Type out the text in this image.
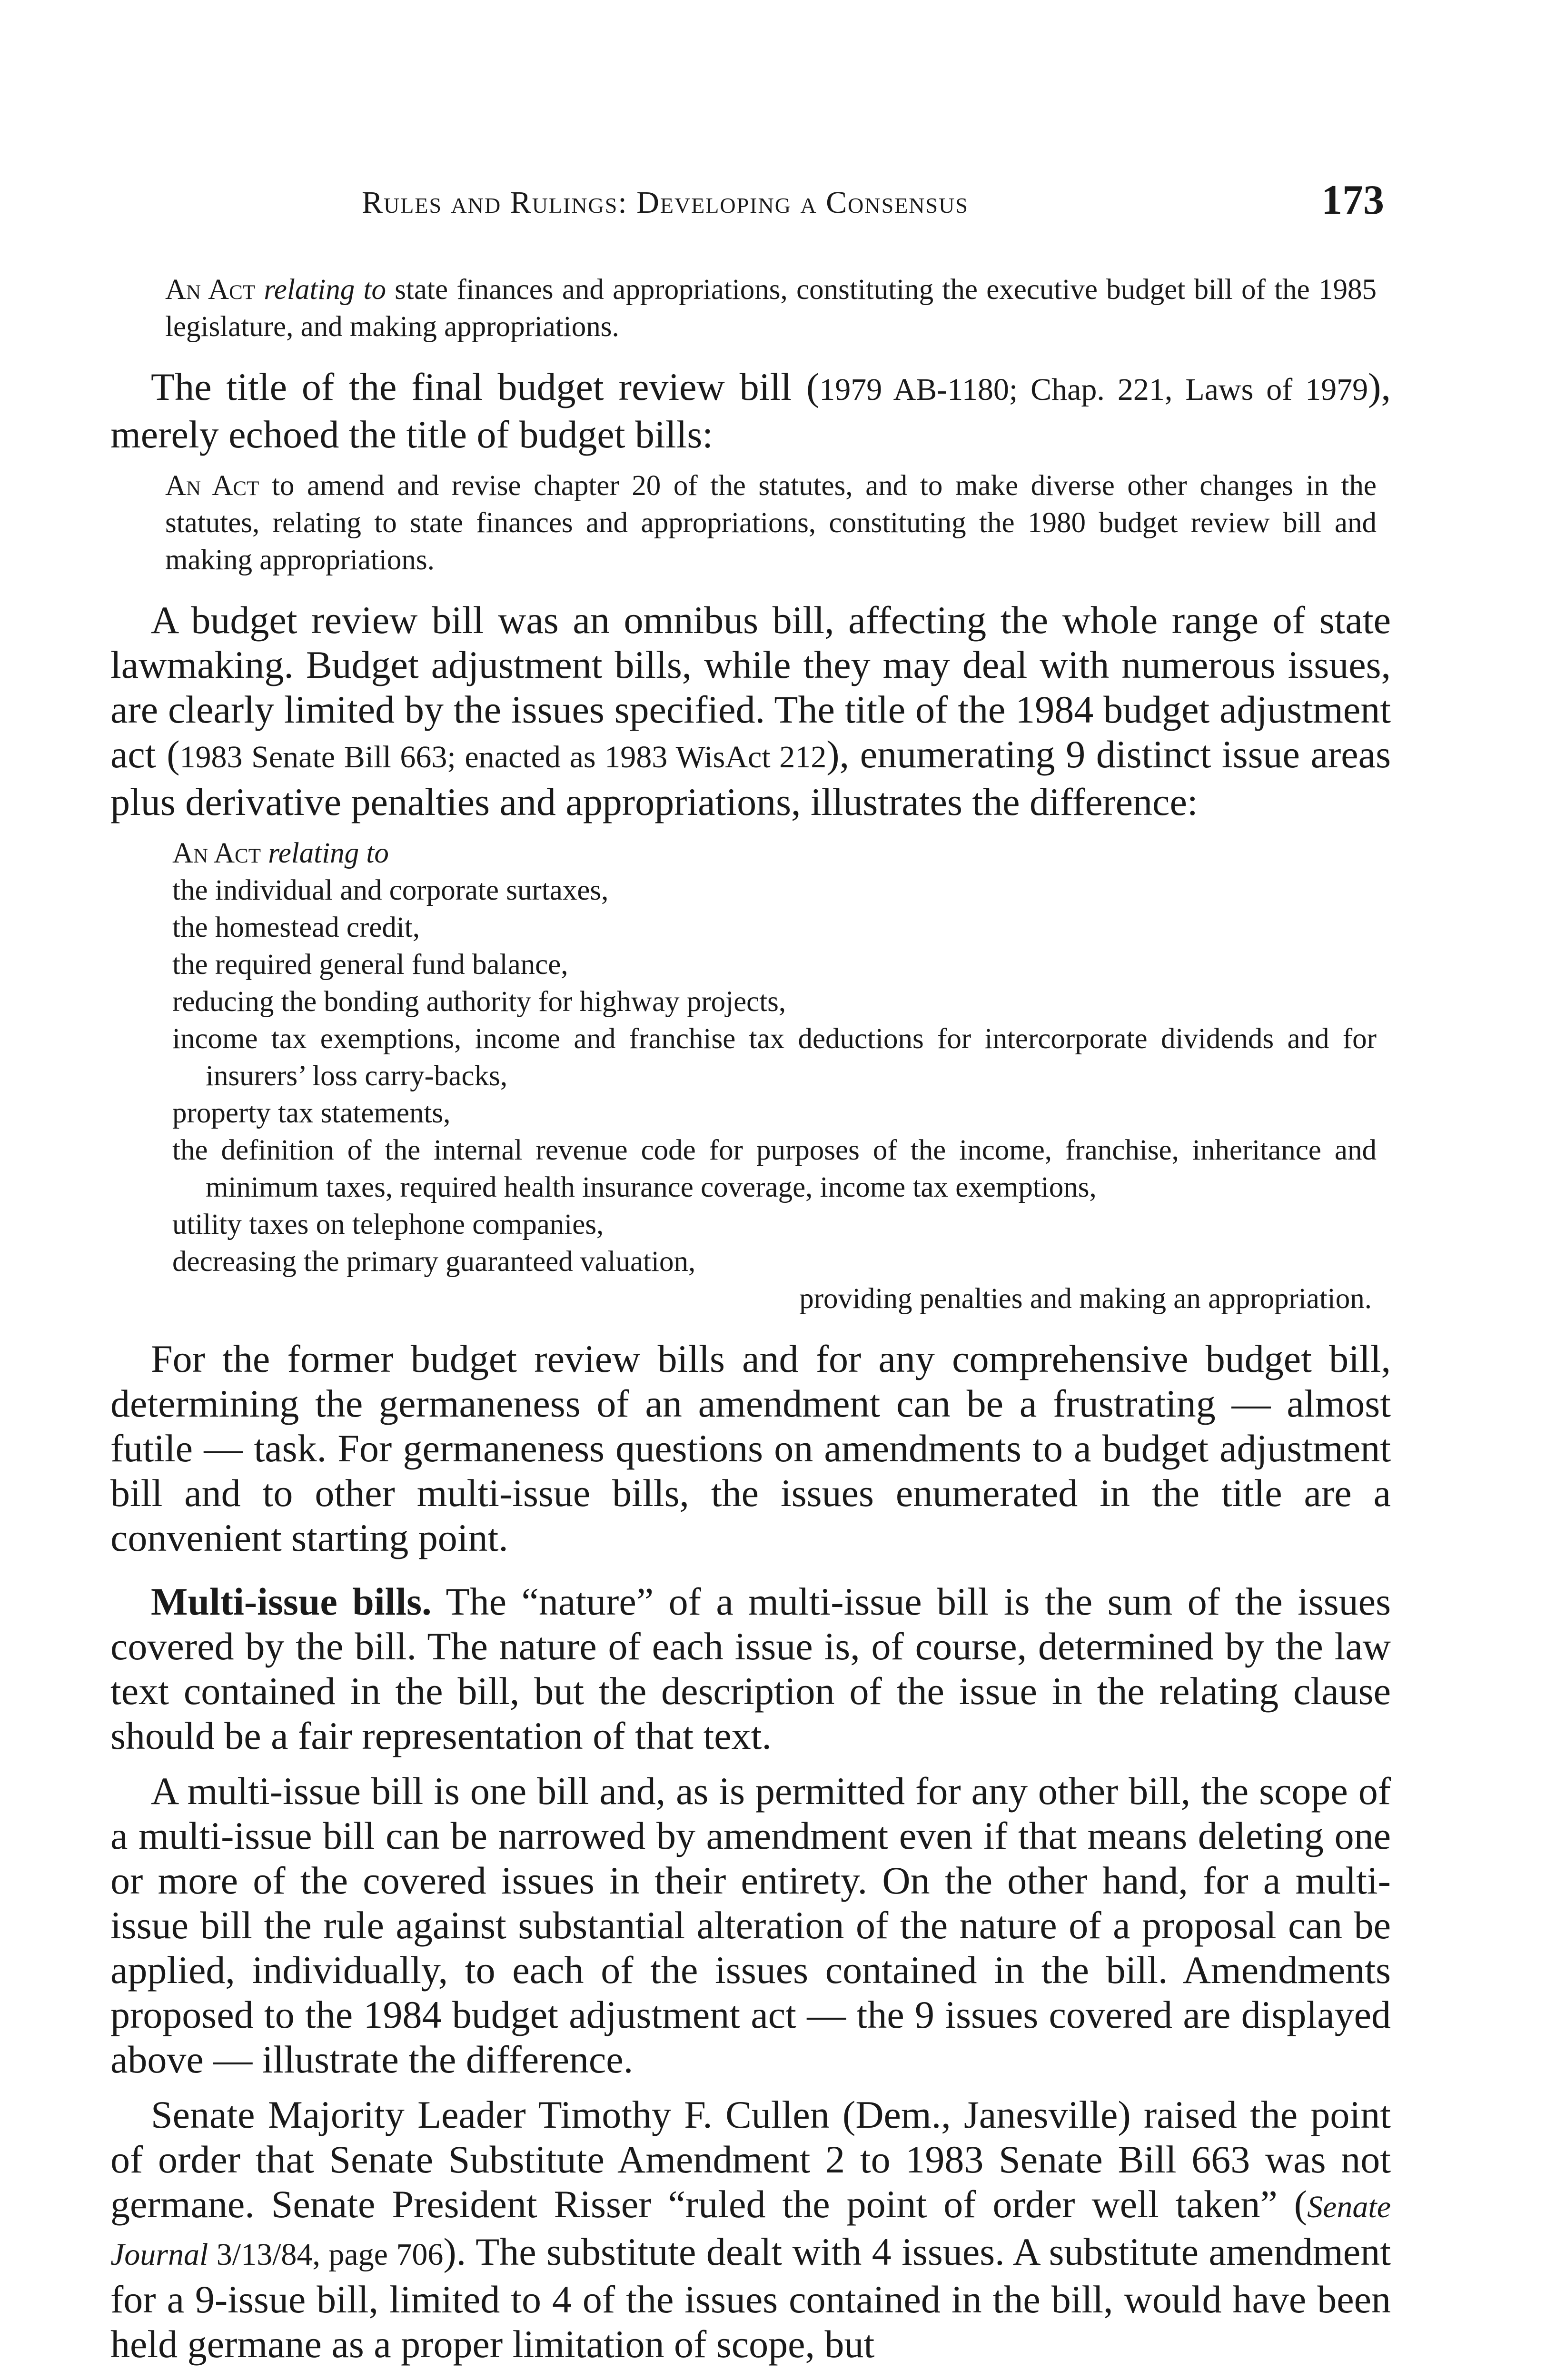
Rules and Rulings: Developing a Consensus	173

An Act relating to state finances and appropriations, constituting the executive budget bill of the 1985 legislature, and making appropriations.

The title of the final budget review bill (1979 AB-1180; Chap. 221, Laws of 1979), merely echoed the title of budget bills:

An Act to amend and revise chapter 20 of the statutes, and to make diverse other changes in the statutes, relating to state finances and appropriations, constituting the 1980 budget review bill and making appropriations.

A budget review bill was an omnibus bill, affecting the whole range of state lawmaking. Budget adjustment bills, while they may deal with numerous issues, are clearly limited by the issues specified. The title of the 1984 budget adjustment act (1983 Senate Bill 663; enacted as 1983 WisAct 212), enumerating 9 distinct issue areas plus derivative penalties and appropriations, illustrates the difference:

An Act relating to
the individual and corporate surtaxes,
the homestead credit,
the required general fund balance,
reducing the bonding authority for highway projects,
income tax exemptions, income and franchise tax deductions for intercorporate dividends and for insurers’ loss carry-backs,
property tax statements,
the definition of the internal revenue code for purposes of the income, franchise, inheritance and minimum taxes, required health insurance coverage, income tax exemptions,
utility taxes on telephone companies,
decreasing the primary guaranteed valuation,
providing penalties and making an appropriation.

For the former budget review bills and for any comprehensive budget bill, determining the germaneness of an amendment can be a frustrating — almost futile — task. For germaneness questions on amendments to a budget adjustment bill and to other multi-issue bills, the issues enumerated in the title are a convenient starting point.

Multi-issue bills. The “nature” of a multi-issue bill is the sum of the issues covered by the bill. The nature of each issue is, of course, determined by the law text contained in the bill, but the description of the issue in the relating clause should be a fair representation of that text.

A multi-issue bill is one bill and, as is permitted for any other bill, the scope of a multi-issue bill can be narrowed by amendment even if that means deleting one or more of the covered issues in their entirety. On the other hand, for a multi-issue bill the rule against substantial alteration of the nature of a proposal can be applied, individually, to each of the issues contained in the bill. Amendments proposed to the 1984 budget adjustment act — the 9 issues covered are displayed above — illustrate the difference.

Senate Majority Leader Timothy F. Cullen (Dem., Janesville) raised the point of order that Senate Substitute Amendment 2 to 1983 Senate Bill 663 was not germane. Senate President Risser “ruled the point of order well taken” (Senate Journal 3/13/84, page 706). The substitute dealt with 4 issues. A substitute amendment for a 9-issue bill, limited to 4 of the issues contained in the bill, would have been held germane as a proper limitation of scope, but
